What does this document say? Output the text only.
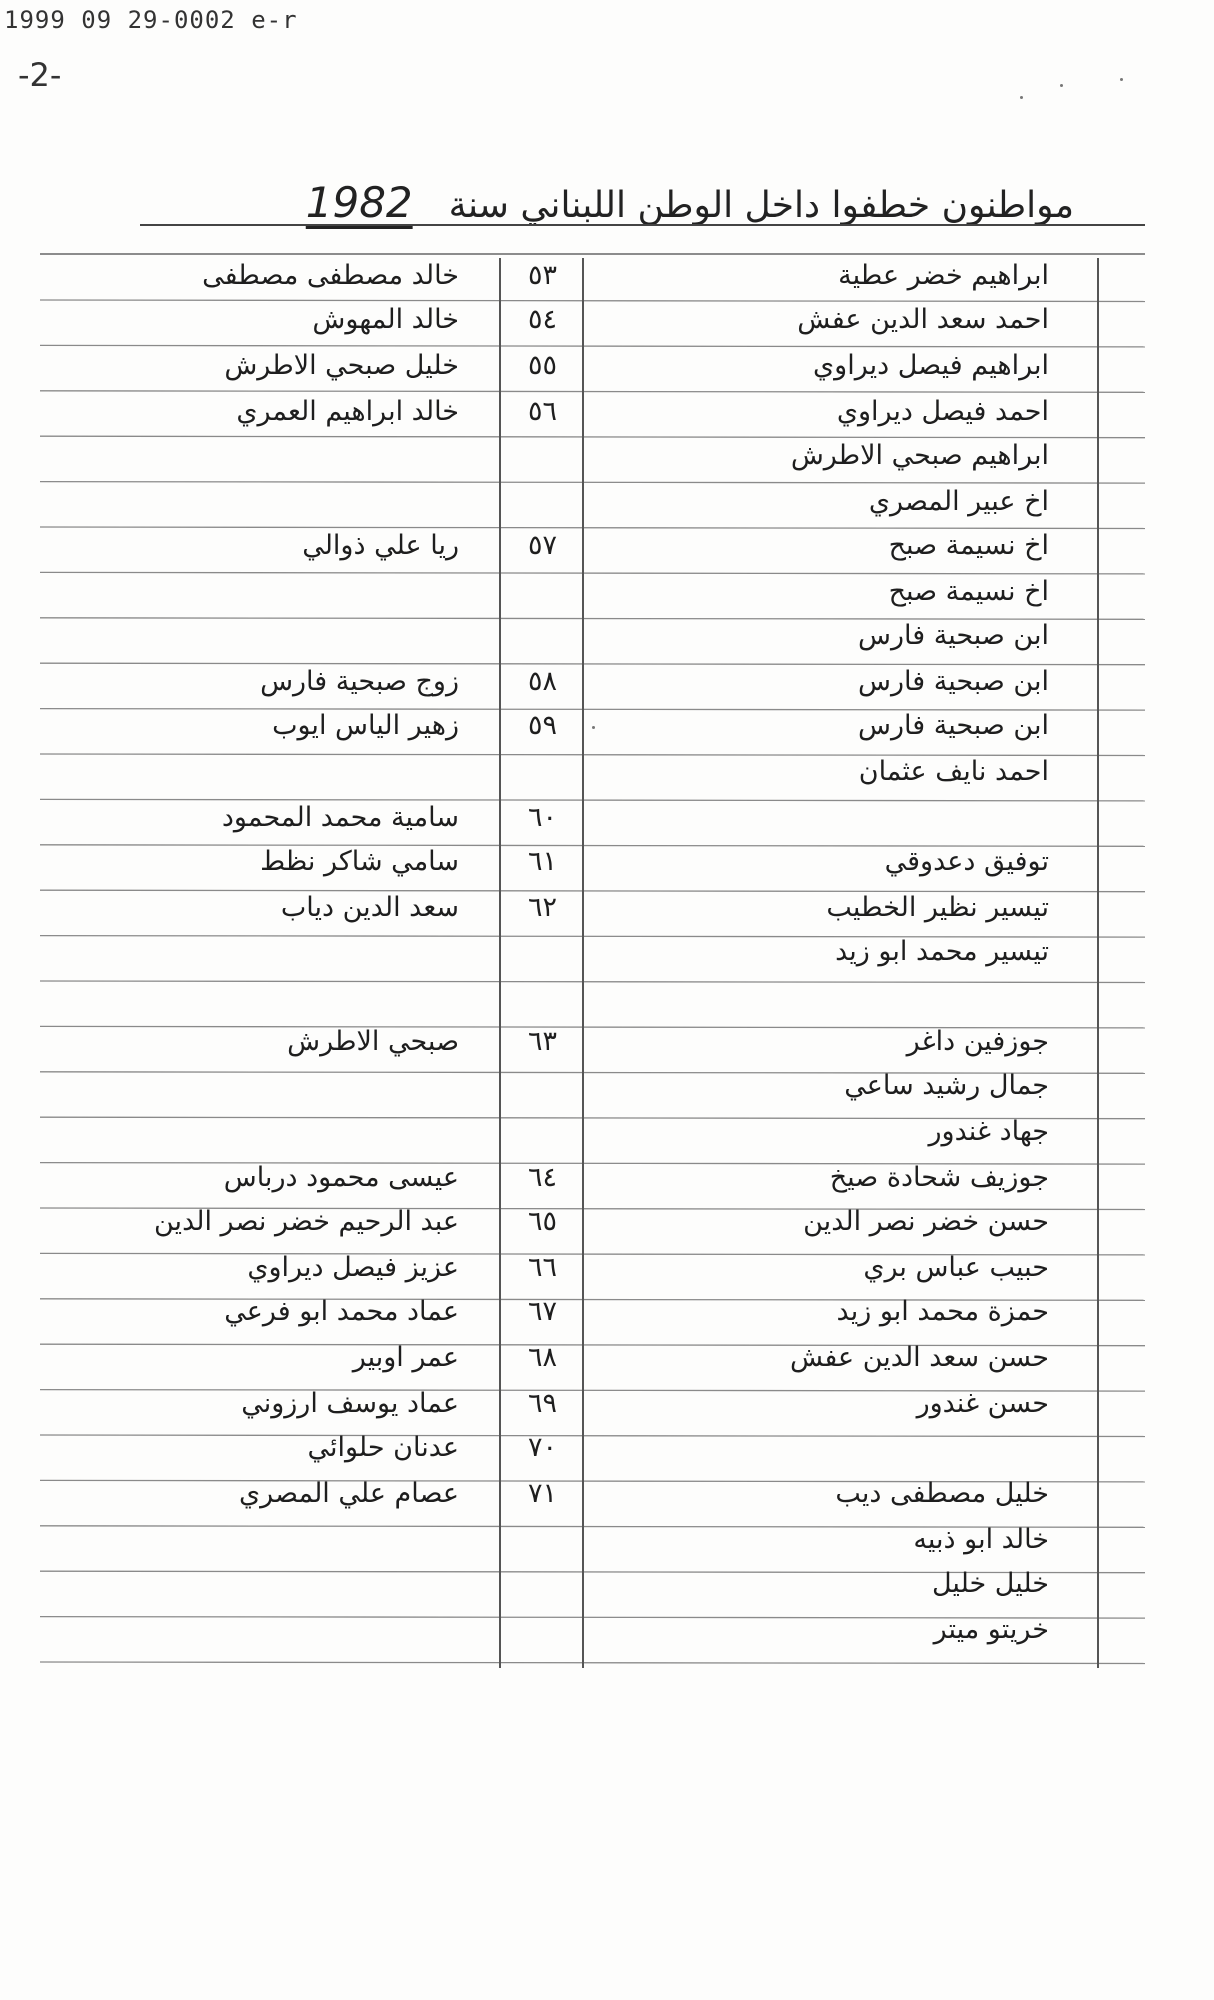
1999 09 29-0002 e-r
-2-
مواطنون خطفوا داخل الوطن اللبناني سنة
1982
ابراهيم خضر عطية
احمد سعد الدين عفش
ابراهيم فيصل ديراوي
احمد فيصل ديراوي
ابراهيم صبحي الاطرش
اخ عبير المصري
اخ نسيمة صبح
اخ نسيمة صبح
ابن صبحية فارس
ابن صبحية فارس
ابن صبحية فارس
احمد نايف عثمان
توفيق دعدوقي
تيسير نظير الخطيب
تيسير محمد ابو زيد
جوزفين داغر
جمال رشيد ساعي
جهاد غندور
جوزيف شحادة صيخ
حسن خضر نصر الدين
حبيب عباس بري
حمزة محمد ابو زيد
حسن سعد الدين عفش
حسن غندور
خليل مصطفى ديب
خالد ابو ذبيه
خليل خليل
خريتو ميتر
٥٣
خالد مصطفى مصطفى
٥٤
خالد المهوش
٥٥
خليل صبحي الاطرش
٥٦
خالد ابراهيم العمري
٥٧
ريا علي ذوالي
٥٨
زوج صبحية فارس
٥٩
زهير الياس ايوب
٦٠
سامية محمد المحمود
٦١
سامي شاكر نظط
٦٢
سعد الدين دياب
٦٣
صبحي الاطرش
٦٤
عيسى محمود درباس
٦٥
عبد الرحيم خضر نصر الدين
٦٦
عزيز فيصل ديراوي
٦٧
عماد محمد ابو فرعي
٦٨
عمر اوبير
٦٩
عماد يوسف ارزوني
٧٠
عدنان حلوائي
٧١
عصام علي المصري
